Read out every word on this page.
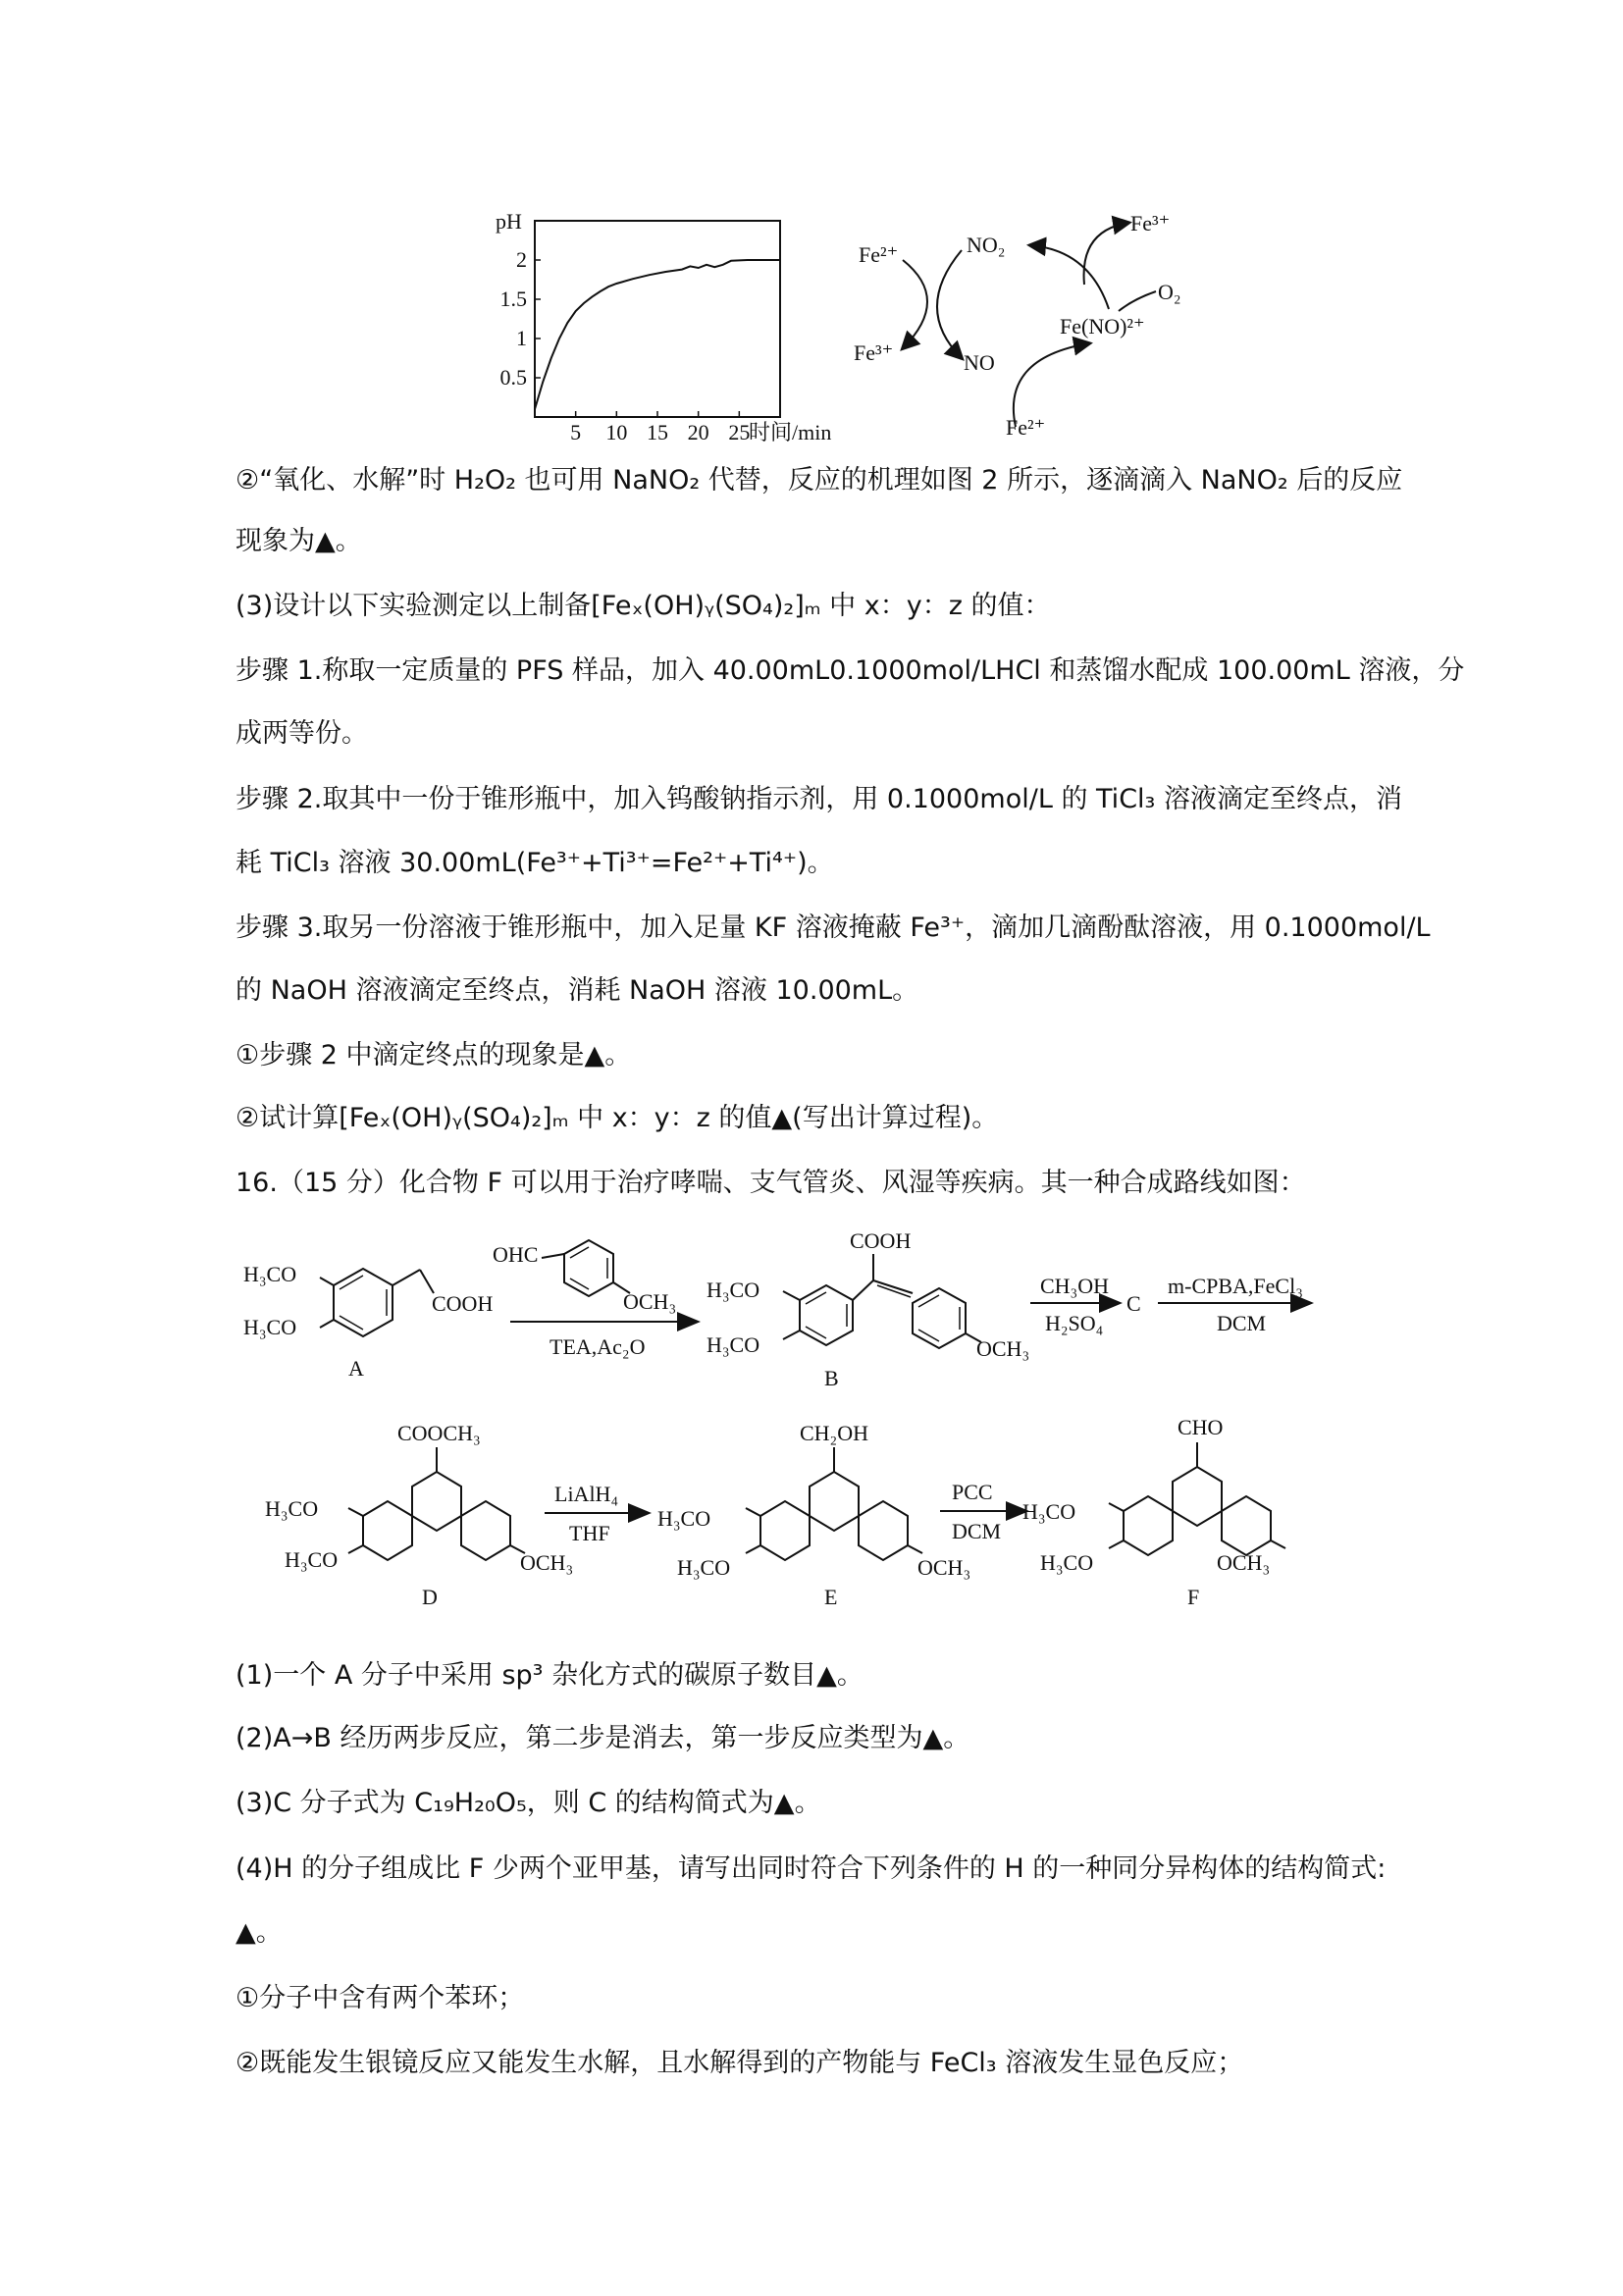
pH
时间/min
0.5
1
1.5
2
5 10 15 20 25
Fe²⁺	NO₂
Fe³⁺
O₂
Fe(NO)²⁺
Fe³⁺	NO
Fe²⁺
②“氧化、水解”时 H₂O₂ 也可用 NaNO₂ 代替，反应的机理如图 2 所示，逐滴滴入 NaNO₂ 后的反应
现象为▲。
(3)设计以下实验测定以上制备[Feₓ(OH)ᵧ(SO₄)₂]ₘ 中 x：y：z 的值：
步骤 1.称取一定质量的 PFS 样品，加入 40.00mL0.1000mol/LHCl 和蒸馏水配成 100.00mL 溶液，分
成两等份。
步骤 2.取其中一份于锥形瓶中，加入钨酸钠指示剂，用 0.1000mol/L 的 TiCl₃ 溶液滴定至终点，消
耗 TiCl₃ 溶液 30.00mL(Fe³⁺+Ti³⁺=Fe²⁺+Ti⁴⁺)。
步骤 3.取另一份溶液于锥形瓶中，加入足量 KF 溶液掩蔽 Fe³⁺，滴加几滴酚酞溶液，用 0.1000mol/L
的 NaOH 溶液滴定至终点，消耗 NaOH 溶液 10.00mL。
①步骤 2 中滴定终点的现象是▲。
②试计算[Feₓ(OH)ᵧ(SO₄)₂]ₘ 中 x：y：z 的值▲(写出计算过程)。
16.（15 分）化合物 F 可以用于治疗哮喘、支气管炎、风湿等疾病。其一种合成路线如图：
H₃CO
H₃CO
COOH
A
OHC
OCH₃
TEA,Ac₂O
H₃CO
H₃CO
COOH
OCH₃
B
CH₃OH
H₂SO₄
C
m-CPBA,FeCl₃
DCM
COOCH₃
H₃CO
H₃CO	OCH₃
D
LiAlH₄
THF
CH₂OH
H₃CO
H₃CO	OCH₃
E
PCC
DCM
CHO
H₃CO
H₃CO	OCH₃
F
(1)一个 A 分子中采用 sp³ 杂化方式的碳原子数目▲。
(2)A→B 经历两步反应，第二步是消去，第一步反应类型为▲。
(3)C 分子式为 C₁₉H₂₀O₅，则 C 的结构简式为▲。
(4)H 的分子组成比 F 少两个亚甲基，请写出同时符合下列条件的 H 的一种同分异构体的结构简式:
▲。
①分子中含有两个苯环；
②既能发生银镜反应又能发生水解，且水解得到的产物能与 FeCl₃ 溶液发生显色反应；
